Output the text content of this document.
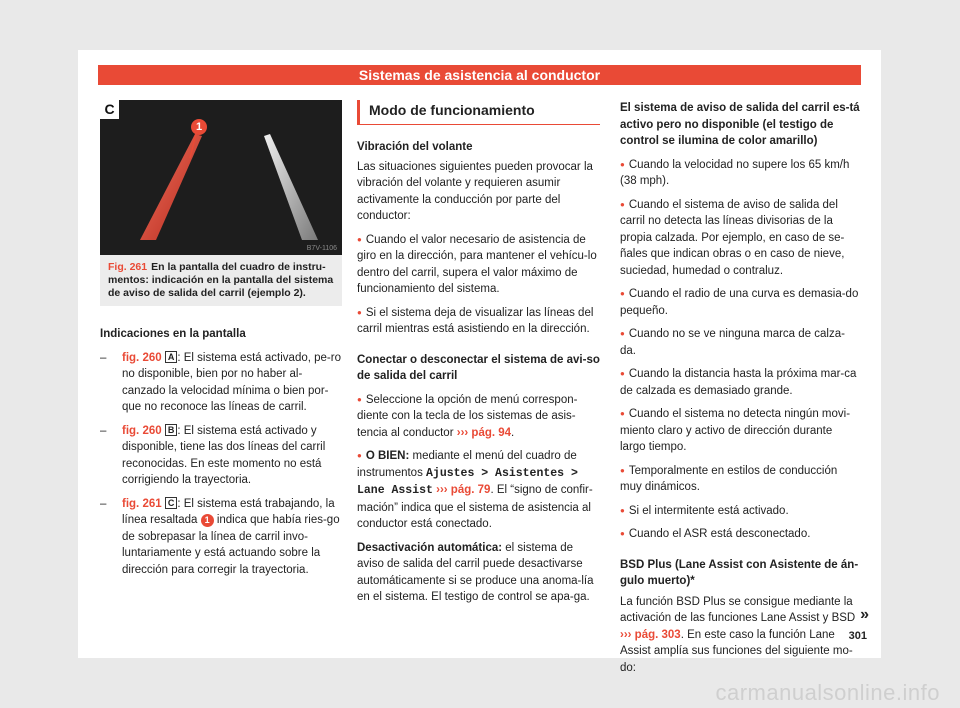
Sistemas de asistencia al conductor
C
1
B7V-1106
Fig. 261 En la pantalla del cuadro de instru-mentos: indicación en la pantalla del sistema de aviso de salida del carril (ejemplo 2).

Indicaciones en la pantalla

– fig. 260 A : El sistema está activado, pe-ro no disponible, bien por no haber al-canzado la velocidad mínima o bien por-que no reconoce las líneas de carril.
– fig. 260 B : El sistema está activado y disponible, tiene las dos líneas del carril reconocidas. En este momento no está corrigiendo la trayectoria.
– fig. 261 C : El sistema está trabajando, la línea resaltada 1 indica que había ries-go de sobrepasar la línea de carril invo-luntariamente y está actuando sobre la dirección para corregir la trayectoria.
Modo de funcionamiento

Vibración del volante

Las situaciones siguientes pueden provocar la vibración del volante y requieren asumir activamente la conducción por parte del conductor:

● Cuando el valor necesario de asistencia de giro en la dirección, para mantener el vehícu-lo dentro del carril, supera el valor máximo de funcionamiento del sistema.

● Si el sistema deja de visualizar las líneas del carril mientras está asistiendo en la dirección.

Conectar o desconectar el sistema de avi-so de salida del carril

● Seleccione la opción de menú correspon-diente con la tecla de los sistemas de asis-tencia al conductor ››› pág. 94.

● O BIEN: mediante el menú del cuadro de instrumentos Ajustes > Asistentes > Lane Assist ››› pág. 79. El “signo de confir-mación” indica que el sistema de asistencia al conductor está conectado.

Desactivación automática: el sistema de aviso de salida del carril puede desactivarse automáticamente si se produce una anoma-lía en el sistema. El testigo de control se apa-ga.

El sistema de aviso de salida del carril es-tá activo pero no disponible (el testigo de control se ilumina de color amarillo)

● Cuando la velocidad no supere los 65 km/h (38 mph).

● Cuando el sistema de aviso de salida del carril no detecta las líneas divisorias de la propia calzada. Por ejemplo, en caso de se-ñales que indican obras o en caso de nieve, suciedad, humedad o contraluz.

● Cuando el radio de una curva es demasia-do pequeño.

● Cuando no se ve ninguna marca de calza-da.

● Cuando la distancia hasta la próxima mar-ca de calzada es demasiado grande.

● Cuando el sistema no detecta ningún movi-miento claro y activo de dirección durante largo tiempo.

● Temporalmente en estilos de conducción muy dinámicos.

● Si el intermitente está activado.

● Cuando el ASR está desconectado.

BSD Plus (Lane Assist con Asistente de án-gulo muerto)*

La función BSD Plus se consigue mediante la activación de las funciones Lane Assist y BSD ››› pág. 303. En este caso la función Lane Assist amplía sus funciones del siguiente mo-do:

»
301
carmanualsonline.info
